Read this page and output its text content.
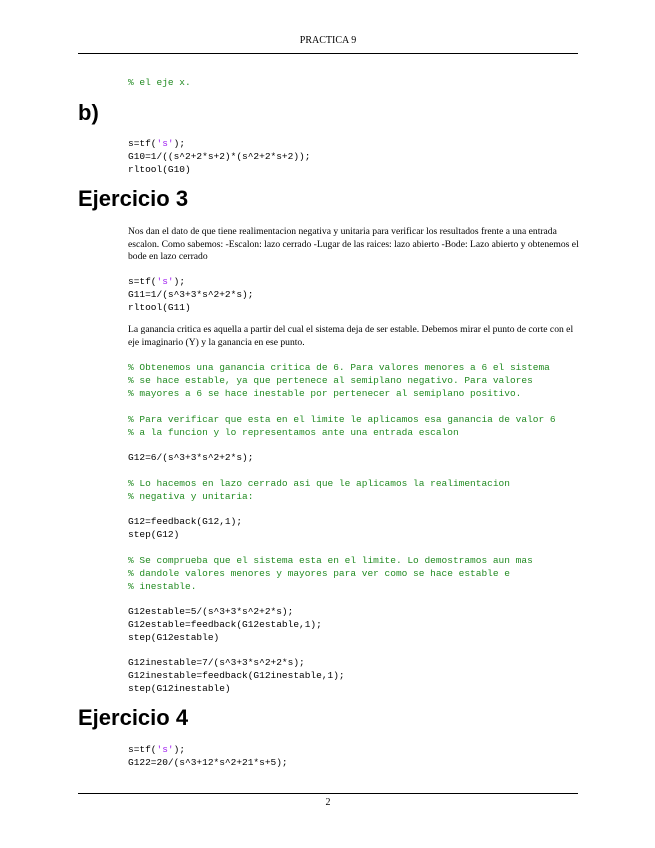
PRACTICA 9
% el eje x.
b)
s=tf('s');
G10=1/((s^2+2*s+2)*(s^2+2*s+2));
rltool(G10)
Ejercicio 3

Nos dan el dato de que tiene realimentacion negativa y unitaria para verificar los resultados frente a una entrada escalon. Como sabemos: -Escalon: lazo cerrado -Lugar de las raices: lazo abierto -Bode: Lazo abierto y obtenemos el bode en lazo cerrado

s=tf('s');
G11=1/(s^3+3*s^2+2*s);
rltool(G11)

La ganancia critica es aquella a partir del cual el sistema deja de ser estable. Debemos mirar el punto de corte con el eje imaginario (Y) y la ganancia en ese punto.

% Obtenemos una ganancia critica de 6. Para valores menores a 6 el sistema
% se hace estable, ya que pertenece al semiplano negativo. Para valores
% mayores a 6 se hace inestable por pertenecer al semiplano positivo.
% Para verificar que esta en el limite le aplicamos esa ganancia de valor 6
% a la funcion y lo representamos ante una entrada escalon
G12=6/(s^3+3*s^2+2*s);
% Lo hacemos en lazo cerrado asi que le aplicamos la realimentacion
% negativa y unitaria:
G12=feedback(G12,1);
step(G12)
% Se comprueba que el sistema esta en el limite. Lo demostramos aun mas
% dandole valores menores y mayores para ver como se hace estable e
% inestable.
G12estable=5/(s^3+3*s^2+2*s);
G12estable=feedback(G12estable,1);
step(G12estable)
G12inestable=7/(s^3+3*s^2+2*s);
G12inestable=feedback(G12inestable,1);
step(G12inestable)
Ejercicio 4
s=tf('s');
G122=20/(s^3+12*s^2+21*s+5);
2
